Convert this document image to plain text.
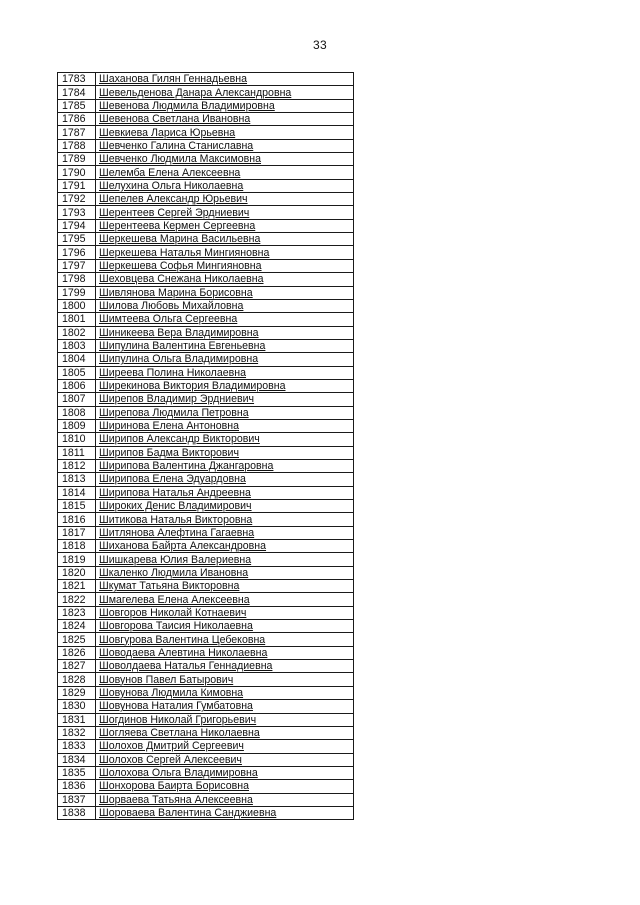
33
1783	Шаханова Гилян Геннадьевна
1784	Шевельденова Данара Александровна
1785	Шевенова Людмила Владимировна
1786	Шевенова Светлана Ивановна
1787	Шевкиева Лариса Юрьевна
1788	Шевченко Галина Станиславна
1789	Шевченко Людмила Максимовна
1790	Шелемба Елена Алексеевна
1791	Шелухина Ольга Николаевна
1792	Шепелев Александр Юрьевич
1793	Шерентеев Сергей Эрдниевич
1794	Шерентеева Кермен Сергеевна
1795	Шеркешева Марина Васильевна
1796	Шеркешева Наталья Мингияновна
1797	Шеркешева Софья Мингияновна
1798	Шеховцева Снежана Николаевна
1799	Шивлянова Марина Борисовна
1800	Шилова Любовь Михайловна
1801	Шимтеева Ольга Сергеевна
1802	Шиникеева Вера Владимировна
1803	Шипулина Валентина Евгеньевна
1804	Шипулина Ольга Владимировна
1805	Ширеева Полина Николаевна
1806	Ширекинова Виктория Владимировна
1807	Ширепов Владимир Эрдниевич
1808	Ширепова Людмила Петровна
1809	Ширинова Елена Антоновна
1810	Ширипов Александр Викторович
1811	Ширипов Бадма Викторович
1812	Ширипова Валентина Джангаровна
1813	Ширипова Елена Эдуардовна
1814	Ширипова Наталья Андреевна
1815	Широких Денис Владимирович
1816	Шитикова Наталья Викторовна
1817	Шитлянова Алефтина Гагаевна
1818	Шиханова Байрта Александровна
1819	Шишкарева Юлия Валериевна
1820	Шкаленко Людмила Ивановна
1821	Шкумат Татьяна Викторовна
1822	Шмагелева Елена Алексеевна
1823	Шовгоров Николай Котнаевич
1824	Шовгорова Таисия Николаевна
1825	Шовгурова Валентина Цебековна
1826	Шоводаева Алевтина Николаевна
1827	Шоволдаева Наталья Геннадиевна
1828	Шовунов Павел Батырович
1829	Шовунова Людмила Кимовна
1830	Шовунова Наталия Гумбатовна
1831	Шогдинов Николай Григорьевич
1832	Шогляева Светлана Николаевна
1833	Шолохов Дмитрий Сергеевич
1834	Шолохов Сергей Алексеевич
1835	Шолохова Ольга Владимировна
1836	Шонхорова Баирта Борисовна
1837	Шорваева Татьяна Алексеевна
1838	Шороваева Валентина Санджиевна
